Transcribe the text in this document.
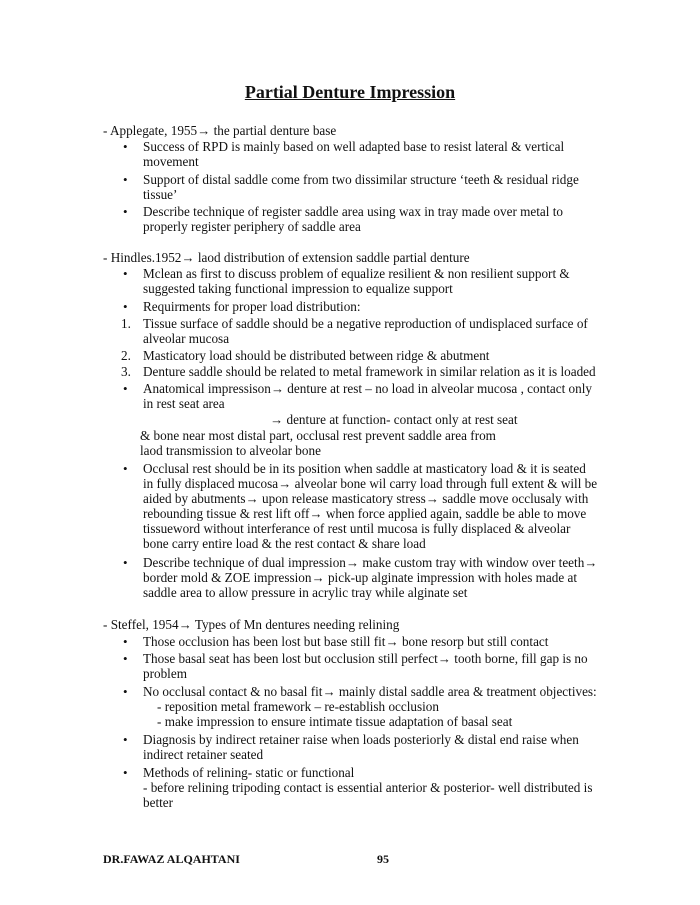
Partial Denture Impression
- Applegate, 1955→ the partial denture base
• Success of RPD is mainly based on well adapted base to resist lateral & vertical
movement
• Support of distal saddle come from two dissimilar structure ‘teeth & residual ridge
tissue’
• Describe technique of register saddle area using wax in tray made over metal to
properly register periphery of saddle area
- Hindles.1952→ laod distribution of extension saddle partial denture
• Mclean as first to discuss problem of equalize resilient & non resilient support &
suggested taking functional impression to equalize support
• Requirments for proper load distribution:
1. Tissue surface of saddle should be a negative reproduction of undisplaced surface of
alveolar mucosa
2. Masticatory load should be distributed between ridge & abutment
3. Denture saddle should be related to metal framework in similar relation as it is loaded
• Anatomical impressison→ denture at rest – no load in alveolar mucosa , contact only
in rest seat area
→ denture at function- contact only at rest seat
& bone near most distal part, occlusal rest prevent saddle area from
laod transmission to alveolar bone
• Occlusal rest should be in its position when saddle at masticatory load & it is seated
in fully displaced mucosa→ alveolar bone wil carry load through full extent & will be
aided by abutments→ upon release masticatory stress→ saddle move occlusaly with
rebounding tissue & rest lift off→ when force applied again, saddle be able to move
tissueword without interferance of rest until mucosa is fully displaced & alveolar
bone carry entire load & the rest contact & share load
• Describe technique of dual impression→ make custom tray with window over teeth→
border mold & ZOE impression→ pick-up alginate impression with holes made at
saddle area to allow pressure in acrylic tray while alginate set
- Steffel, 1954→ Types of Mn dentures needing relining
• Those occlusion has been lost but base still fit→ bone resorp but still contact
• Those basal seat has been lost but occlusion still perfect→ tooth borne, fill gap is no
problem
• No occlusal contact & no basal fit→ mainly distal saddle area & treatment objectives:
- reposition metal framework – re-establish occlusion
- make impression to ensure intimate tissue adaptation of basal seat
• Diagnosis by indirect retainer raise when loads posteriorly & distal end raise when
indirect retainer seated
• Methods of relining- static or functional
- before relining tripoding contact is essential anterior & posterior- well distributed is
better
DR.FAWAZ ALQAHTANI	95
